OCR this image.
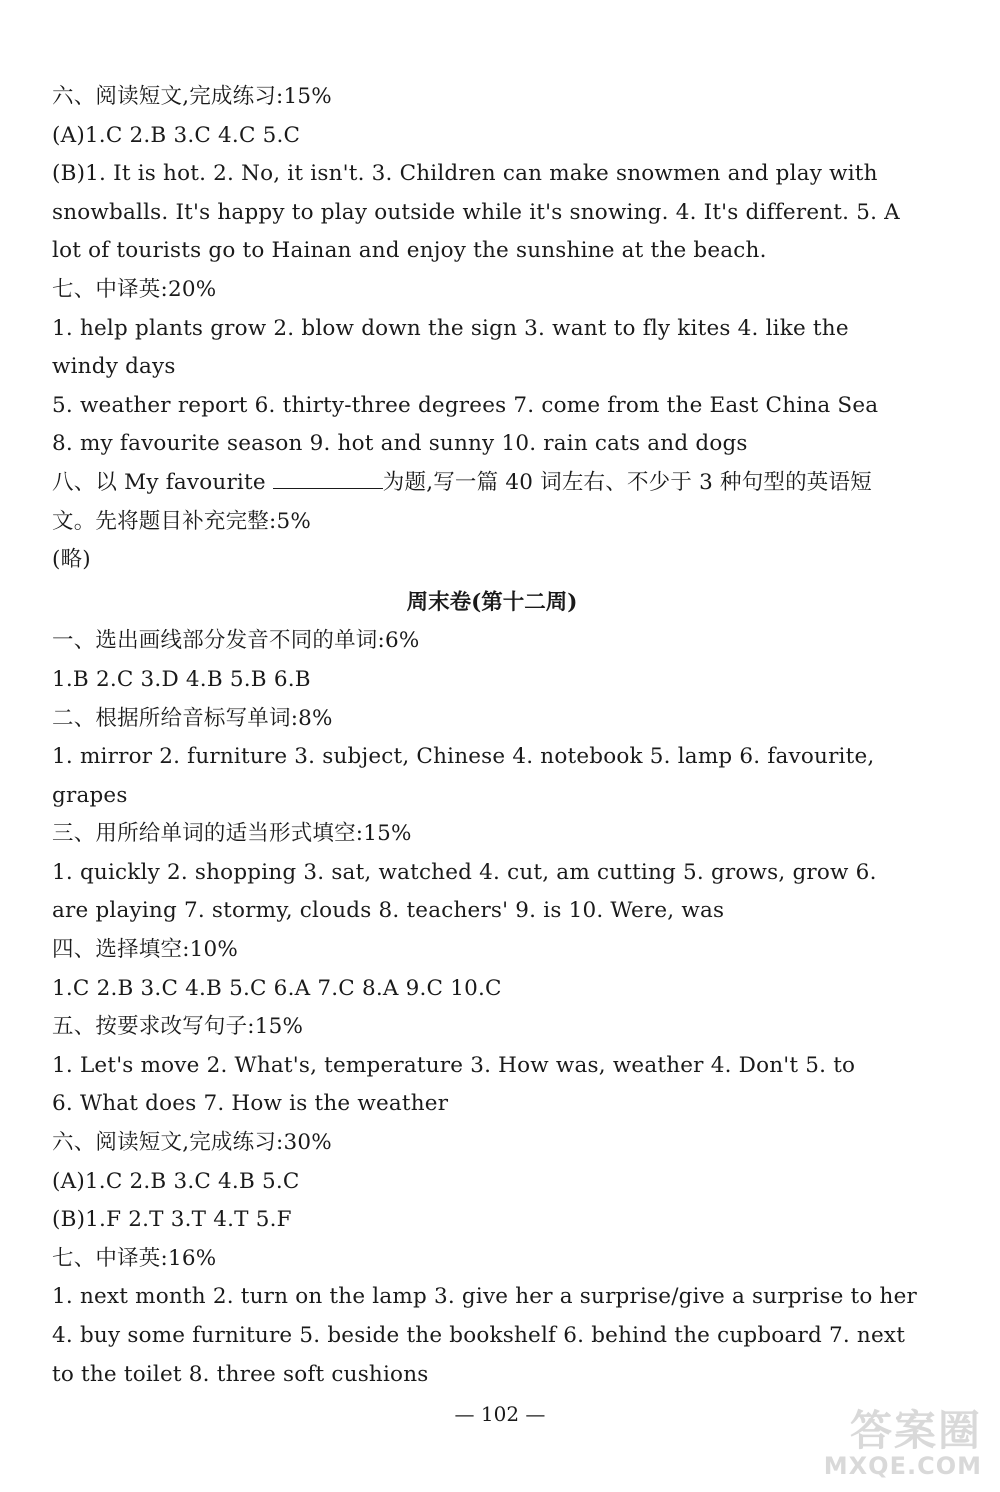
六、阅读短文,完成练习:15%
(A)1.C 2.B 3.C 4.C 5.C
(B)1. It is hot. 2. No, it isn't. 3. Children can make snowmen and play with
snowballs. It's happy to play outside while it's snowing. 4. It's different. 5. A
lot of tourists go to Hainan and enjoy the sunshine at the beach.
七、中译英:20%
1. help plants grow 2. blow down the sign 3. want to fly kites 4. like the
windy days
5. weather report 6. thirty-three degrees 7. come from the East China Sea
8. my favourite season 9. hot and sunny 10. rain cats and dogs
八、以 My favourite	为题,写一篇 40 词左右、不少于 3 种句型的英语短
文。先将题目补充完整:5%
(略)
周末卷(第十二周)
一、选出画线部分发音不同的单词:6%
1.B 2.C 3.D 4.B 5.B 6.B
二、根据所给音标写单词:8%
1. mirror 2. furniture 3. subject, Chinese 4. notebook 5. lamp 6. favourite,
grapes
三、用所给单词的适当形式填空:15%
1. quickly 2. shopping 3. sat, watched 4. cut, am cutting 5. grows, grow 6.
are playing 7. stormy, clouds 8. teachers' 9. is 10. Were, was
四、选择填空:10%
1.C 2.B 3.C 4.B 5.C 6.A 7.C 8.A 9.C 10.C
五、按要求改写句子:15%
1. Let's move 2. What's, temperature 3. How was, weather 4. Don't 5. to
6. What does 7. How is the weather
六、阅读短文,完成练习:30%
(A)1.C 2.B 3.C 4.B 5.C
(B)1.F 2.T 3.T 4.T 5.F
七、中译英:16%
1. next month 2. turn on the lamp 3. give her a surprise/give a surprise to her
4. buy some furniture 5. beside the bookshelf 6. behind the cupboard 7. next
to the toilet 8. three soft cushions
— 102 —	答案圈
MXQE.COM
